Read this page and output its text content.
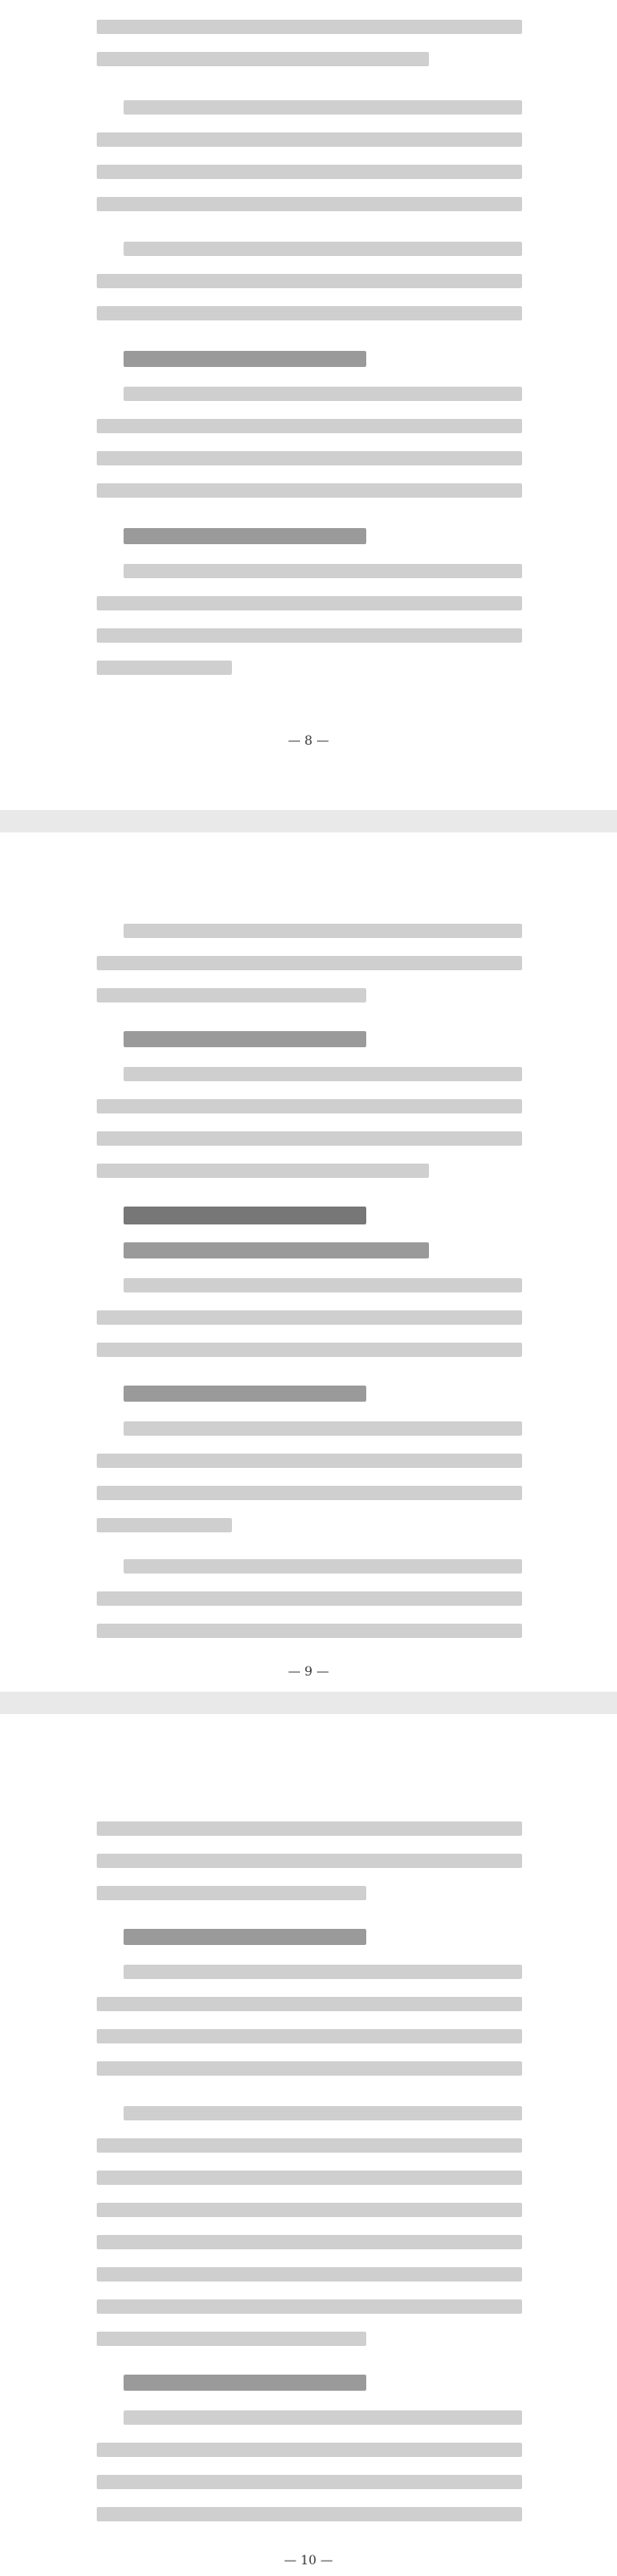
— 8 —
— 9 —
— 10 —
